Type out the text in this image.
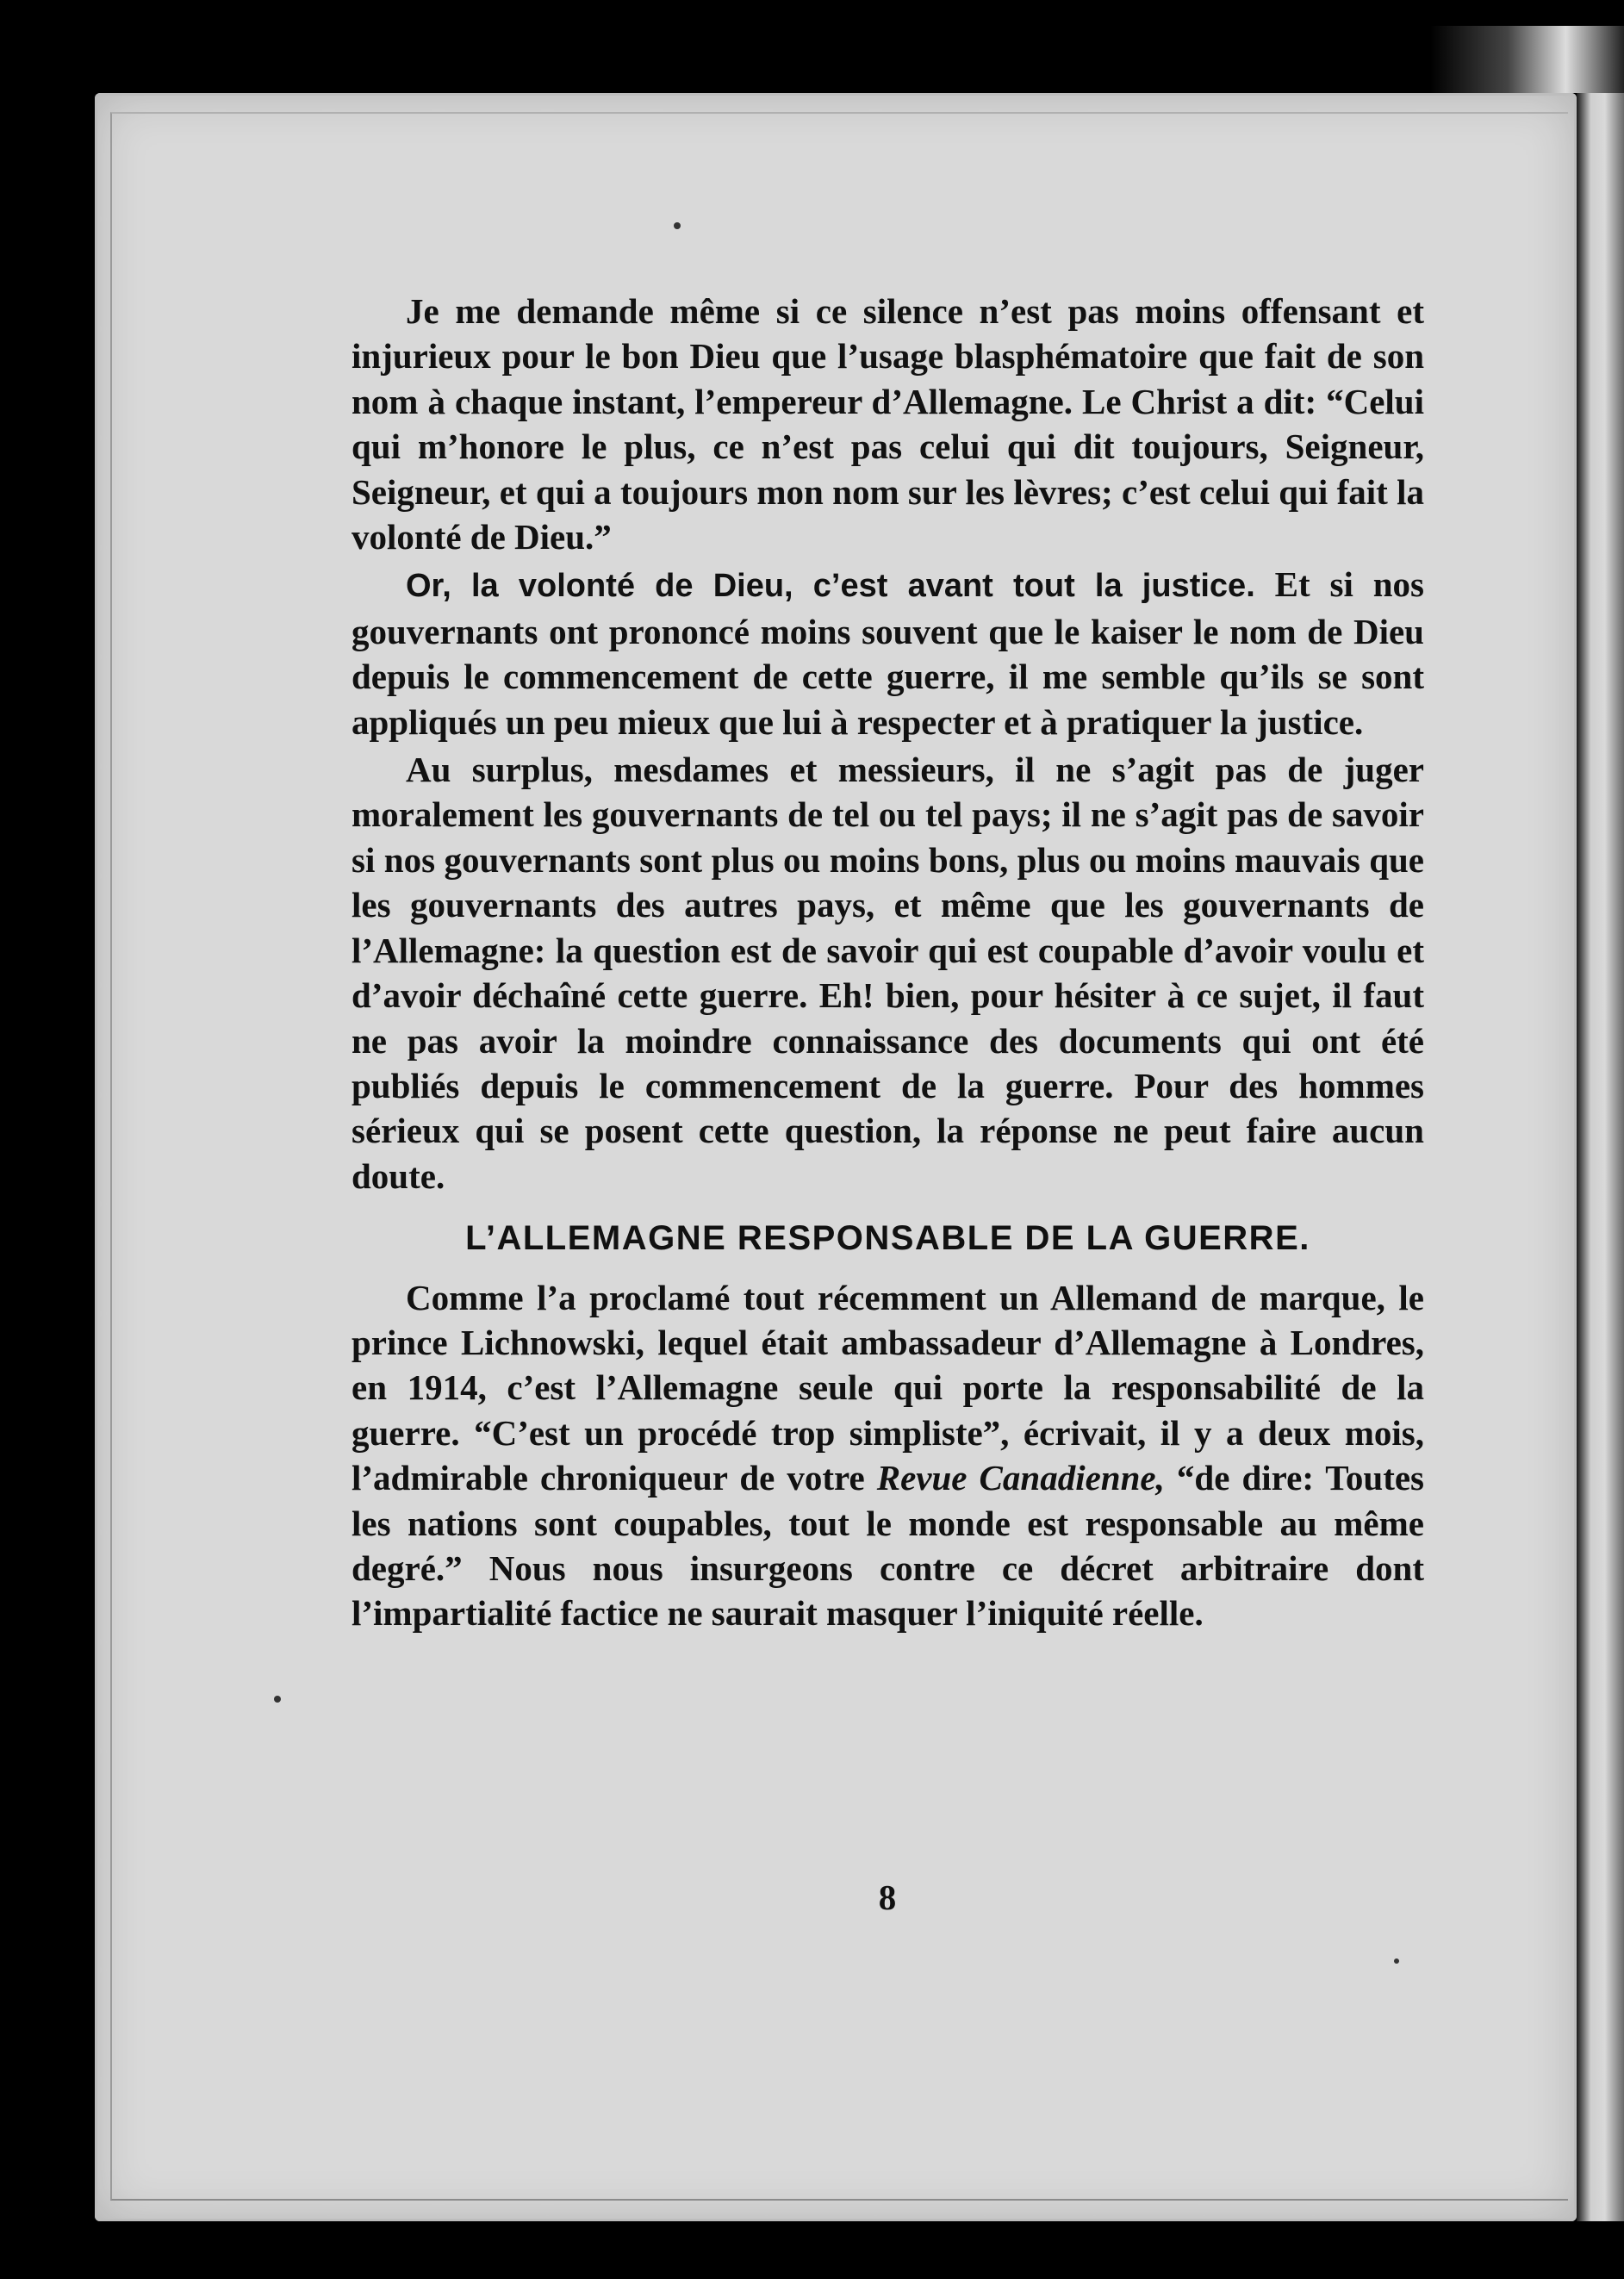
Je me demande même si ce silence n’est pas moins offensant et injurieux pour le bon Dieu que l’usage blasphématoire que fait de son nom à chaque instant, l’empereur d’Allemagne. Le Christ a dit: “Celui qui m’honore le plus, ce n’est pas celui qui dit toujours, Seigneur, Seigneur, et qui a toujours mon nom sur les lèvres; c’est celui qui fait la volonté de Dieu.”

Or, la volonté de Dieu, c’est avant tout la justice. Et si nos gouvernants ont prononcé moins souvent que le kaiser le nom de Dieu depuis le commencement de cette guerre, il me semble qu’ils se sont appliqués un peu mieux que lui à respecter et à pratiquer la justice.

Au surplus, mesdames et messieurs, il ne s’agit pas de juger moralement les gouvernants de tel ou tel pays; il ne s’agit pas de savoir si nos gouvernants sont plus ou moins bons, plus ou moins mauvais que les gouvernants des autres pays, et même que les gouvernants de l’Allemagne: la question est de savoir qui est coupable d’avoir voulu et d’avoir déchaîné cette guerre. Eh! bien, pour hésiter à ce sujet, il faut ne pas avoir la moindre connaissance des documents qui ont été publiés depuis le commencement de la guerre. Pour des hommes sérieux qui se posent cette question, la réponse ne peut faire aucun doute.

L’ALLEMAGNE RESPONSABLE DE LA GUERRE.

Comme l’a proclamé tout récemment un Allemand de marque, le prince Lichnowski, lequel était ambassadeur d’Allemagne à Londres, en 1914, c’est l’Allemagne seule qui porte la responsabilité de la guerre. “C’est un procédé trop simpliste”, écrivait, il y a deux mois, l’admirable chroniqueur de votre Revue Canadienne, “de dire: Toutes les nations sont coupables, tout le monde est responsable au même degré.” Nous nous insurgeons contre ce décret arbitraire dont l’impartialité factice ne saurait masquer l’iniquité réelle.

8
